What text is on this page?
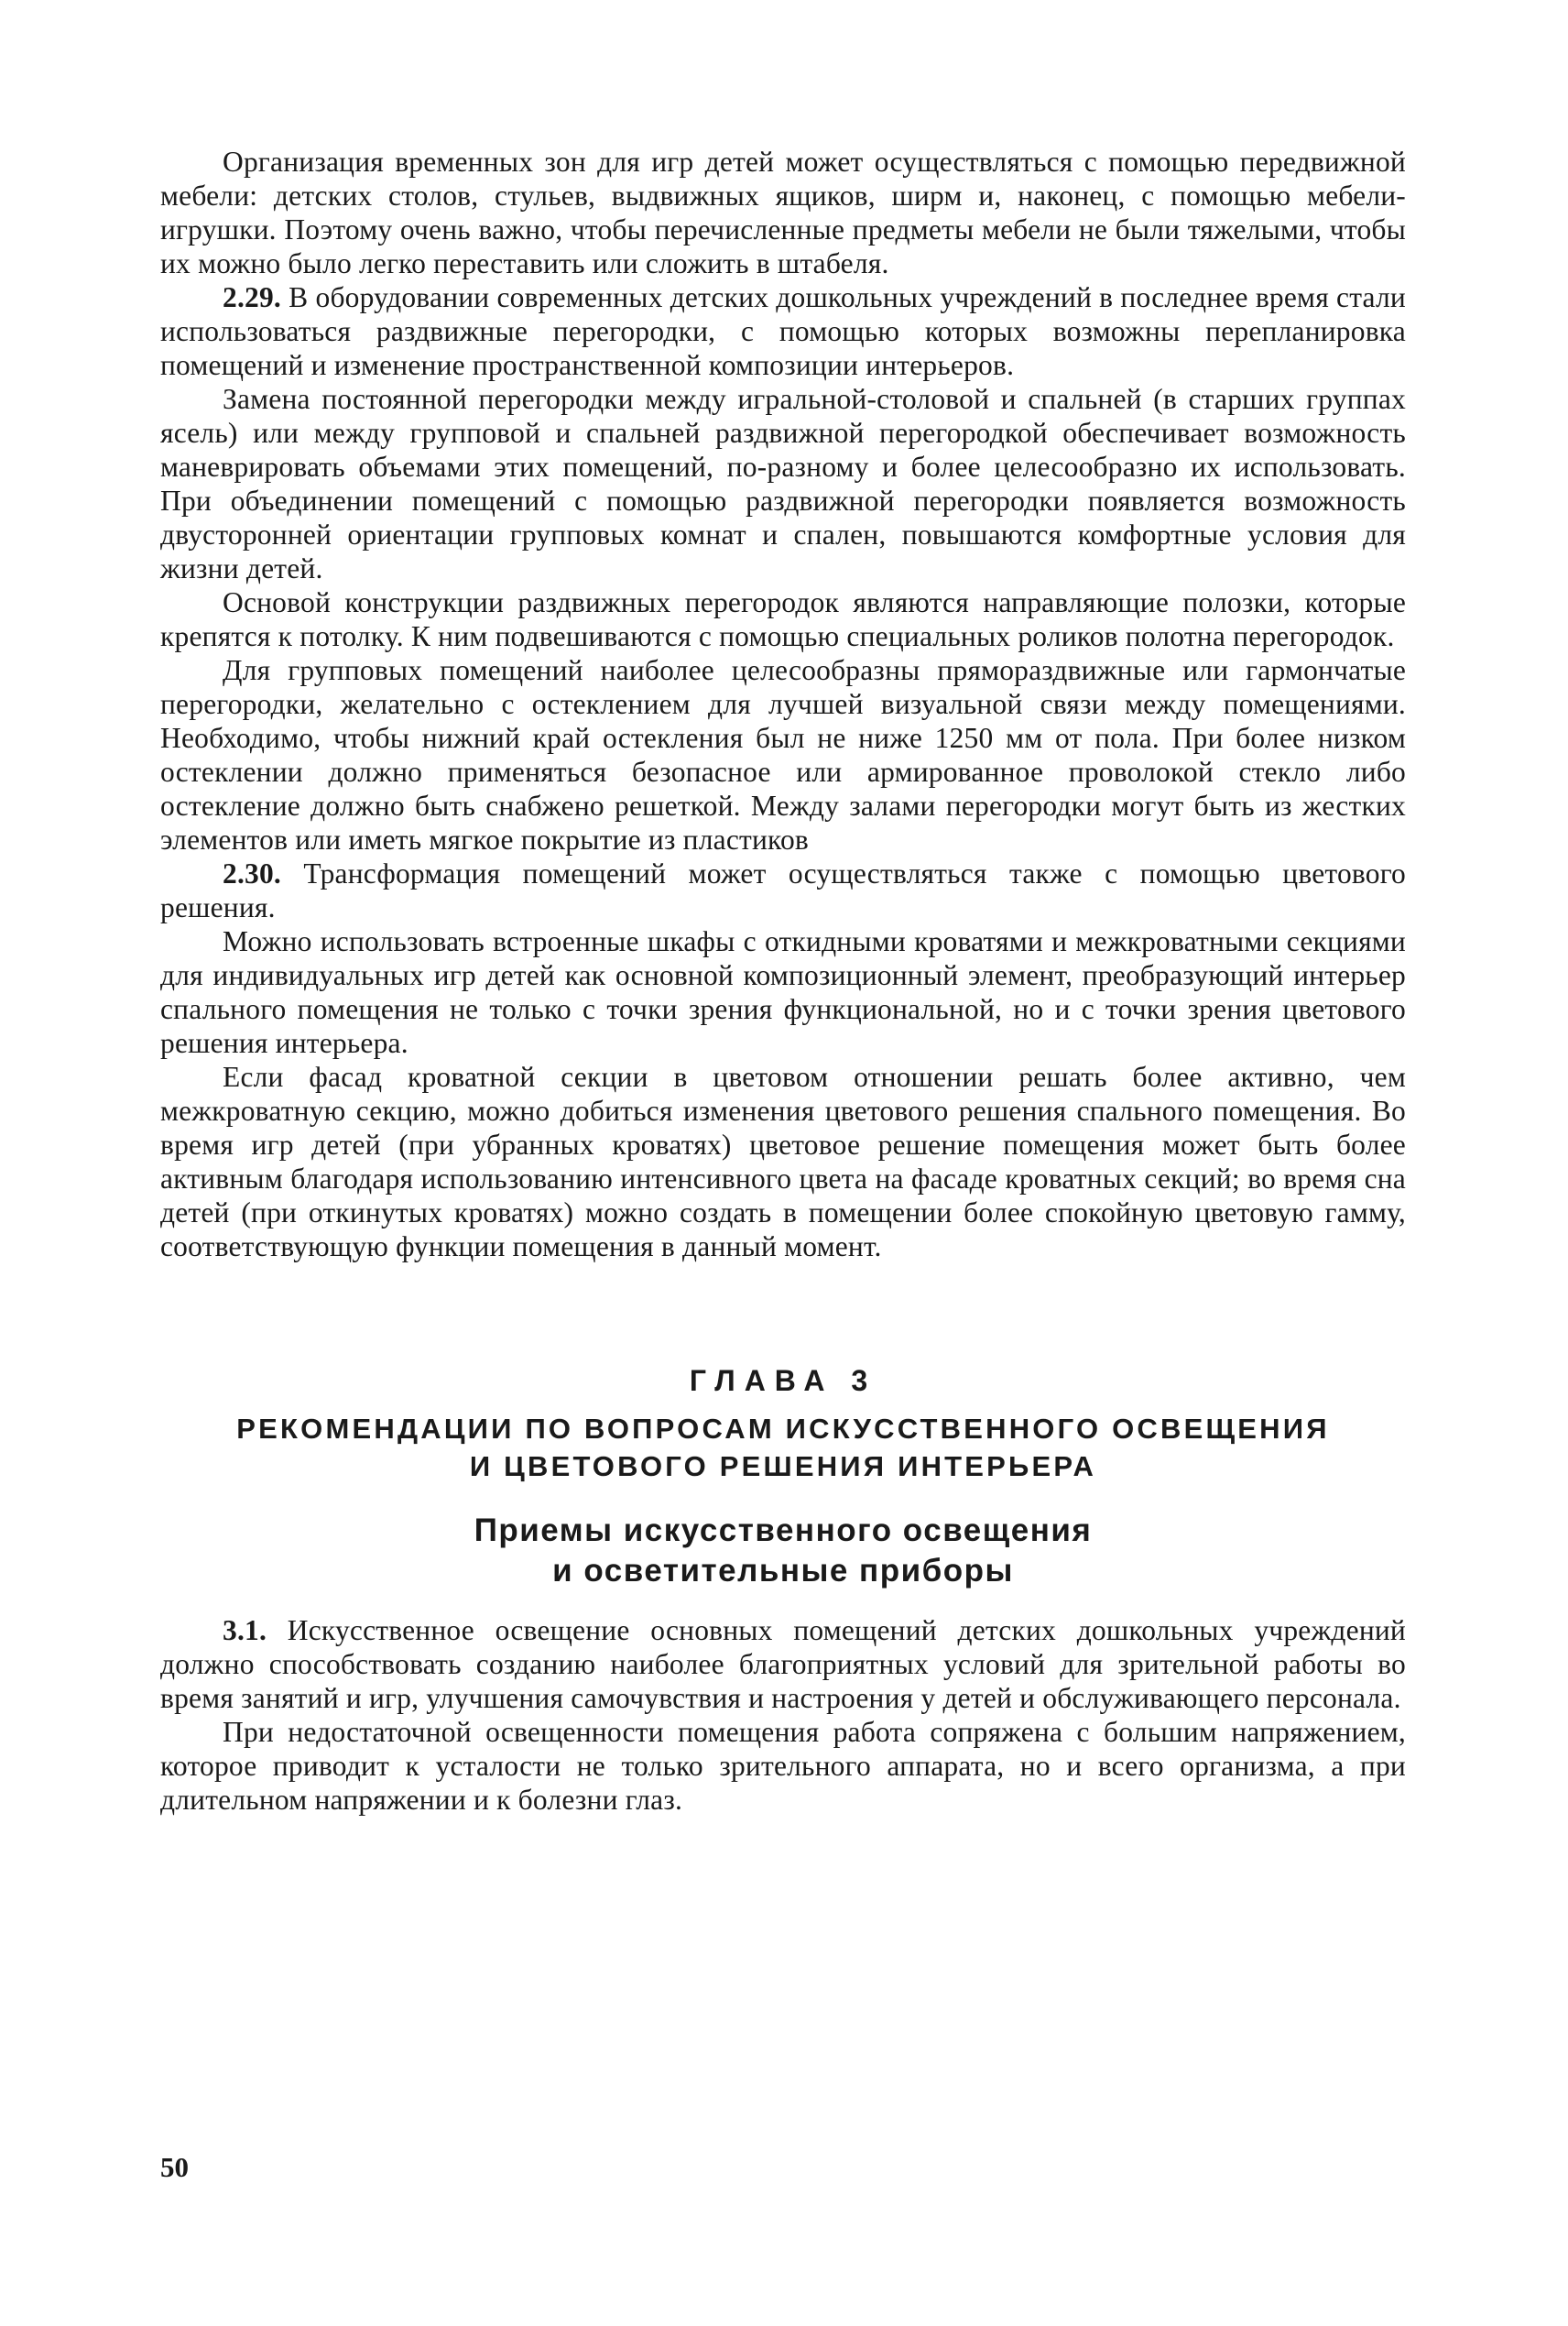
Организация временных зон для игр детей может осуществляться с помощью передвижной мебели: детских столов, стульев, выдвижных ящиков, ширм и, наконец, с помощью мебели-игрушки. Поэтому очень важно, чтобы перечисленные предметы мебели не были тяжелыми, чтобы их можно было легко переставить или сложить в штабеля.

2.29. В оборудовании современных детских дошкольных учреждений в последнее время стали использоваться раздвижные перегородки, с помощью которых возможны перепланировка помещений и изменение пространственной композиции интерьеров.

Замена постоянной перегородки между игральной-столовой и спальней (в старших группах ясель) или между групповой и спальней раздвижной перегородкой обеспечивает возможность маневрировать объемами этих помещений, по-разному и более целесообразно их использовать. При объединении помещений с помощью раздвижной перегородки появляется возможность двусторонней ориентации групповых комнат и спален, повышаются комфортные условия для жизни детей.

Основой конструкции раздвижных перегородок являются направляющие полозки, которые крепятся к потолку. К ним подвешиваются с помощью специальных роликов полотна перегородок.

Для групповых помещений наиболее целесообразны прямораздвижные или гармончатые перегородки, желательно с остеклением для лучшей визуальной связи между помещениями. Необходимо, чтобы нижний край остекления был не ниже 1250 мм от пола. При более низком остеклении должно применяться безопасное или армированное проволокой стекло либо остекление должно быть снабжено решеткой. Между залами перегородки могут быть из жестких элементов или иметь мягкое покрытие из пластиков

2.30. Трансформация помещений может осуществляться также с помощью цветового решения.

Можно использовать встроенные шкафы с откидными кроватями и межкроватными секциями для индивидуальных игр детей как основной композиционный элемент, преобразующий интерьер спального помещения не только с точки зрения функциональной, но и с точки зрения цветового решения интерьера.

Если фасад кроватной секции в цветовом отношении решать более активно, чем межкроватную секцию, можно добиться изменения цветового решения спального помещения. Во время игр детей (при убранных кроватях) цветовое решение помещения может быть более активным благодаря использованию интенсивного цвета на фасаде кроватных секций; во время сна детей (при откинутых кроватях) можно создать в помещении более спокойную цветовую гамму, соответствующую функции помещения в данный момент.

ГЛАВА 3

РЕКОМЕНДАЦИИ ПО ВОПРОСАМ ИСКУССТВЕННОГО ОСВЕЩЕНИЯ
И ЦВЕТОВОГО РЕШЕНИЯ ИНТЕРЬЕРА
Приемы искусственного освещения
и осветительные приборы

3.1. Искусственное освещение основных помещений детских дошкольных учреждений должно способствовать созданию наиболее благоприятных условий для зрительной работы во время занятий и игр, улучшения самочувствия и настроения у детей и обслуживающего персонала.

При недостаточной освещенности помещения работа сопряжена с большим напряжением, которое приводит к усталости не только зрительного аппарата, но и всего организма, а при длительном напряжении и к болезни глаз.

50
